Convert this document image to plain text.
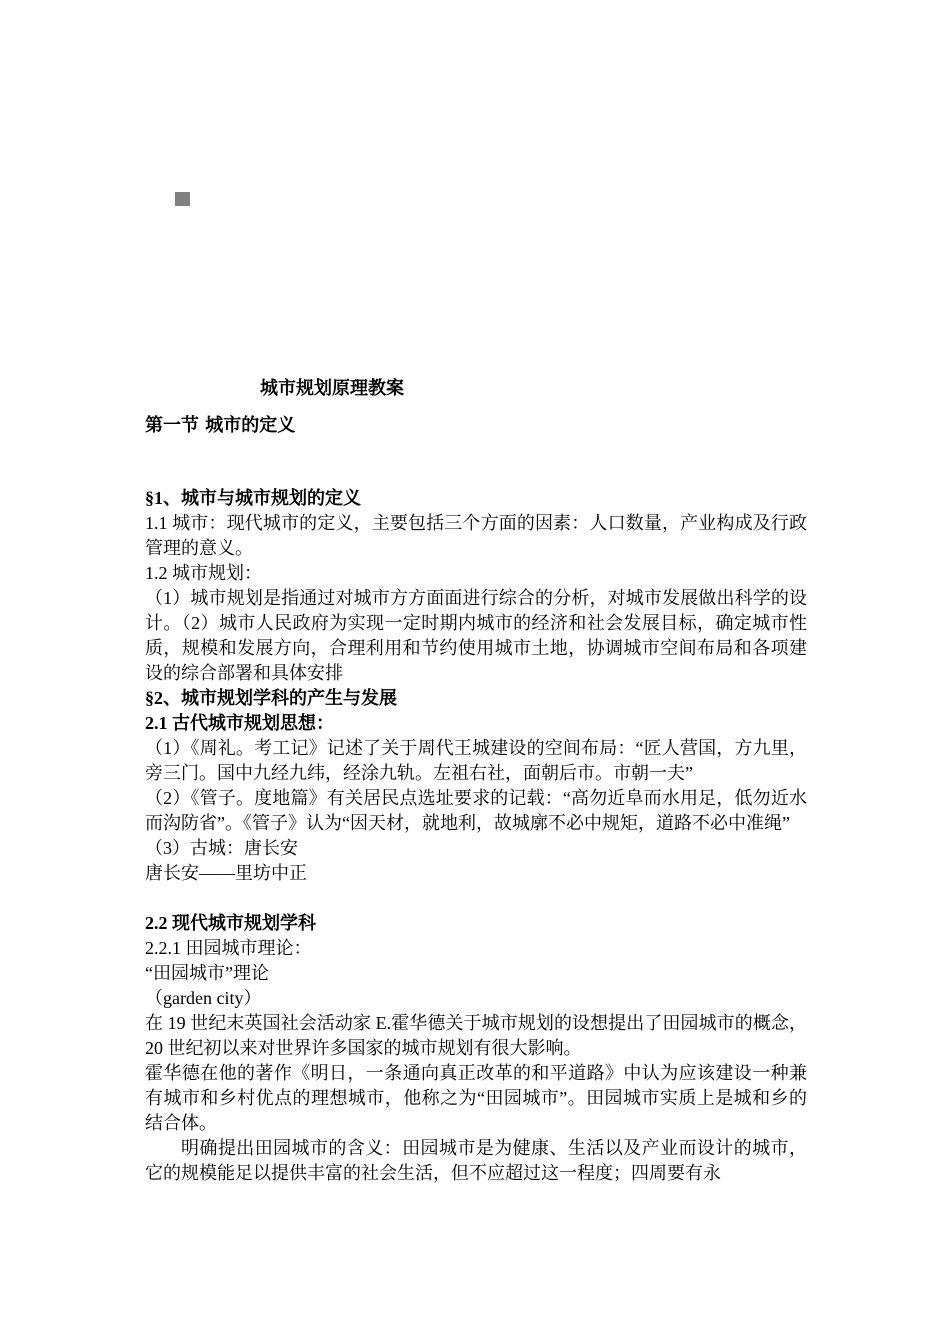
城市规划原理教案
第一节 城市的定义

§1、城市与城市规划的定义

1.1 城市：现代城市的定义，主要包括三个方面的因素：人口数量，产业构成及行政管理的意义。

1.2 城市规划：

（1）城市规划是指通过对城市方方面面进行综合的分析，对城市发展做出科学的设计。（2）城市人民政府为实现一定时期内城市的经济和社会发展目标，确定城市性质，规模和发展方向，合理利用和节约使用城市土地，协调城市空间布局和各项建设的综合部署和具体安排

§2、城市规划学科的产生与发展

2.1 古代城市规划思想：

（1）《周礼。考工记》记述了关于周代王城建设的空间布局：“匠人营国，方九里，旁三门。国中九经九纬，经涂九轨。左祖右社，面朝后市。市朝一夫”

（2）《管子。度地篇》有关居民点选址要求的记载：“高勿近阜而水用足，低勿近水而沟防省”。《管子》认为“因天材，就地利，故城廓不必中规矩，道路不必中准绳”

（3）古城：唐长安

唐长安——里坊中正

2.2 现代城市规划学科

2.2.1 田园城市理论：

“田园城市”理论

（garden city）

在 19 世纪末英国社会活动家 E.霍华德关于城市规划的设想提出了田园城市的概念，20 世纪初以来对世界许多国家的城市规划有很大影响。

霍华德在他的著作《明日，一条通向真正改革的和平道路》中认为应该建设一种兼有城市和乡村优点的理想城市，他称之为“田园城市”。田园城市实质上是城和乡的结合体。

明确提出田园城市的含义：田园城市是为健康、生活以及产业而设计的城市，它的规模能足以提供丰富的社会生活，但不应超过这一程度；四周要有永
